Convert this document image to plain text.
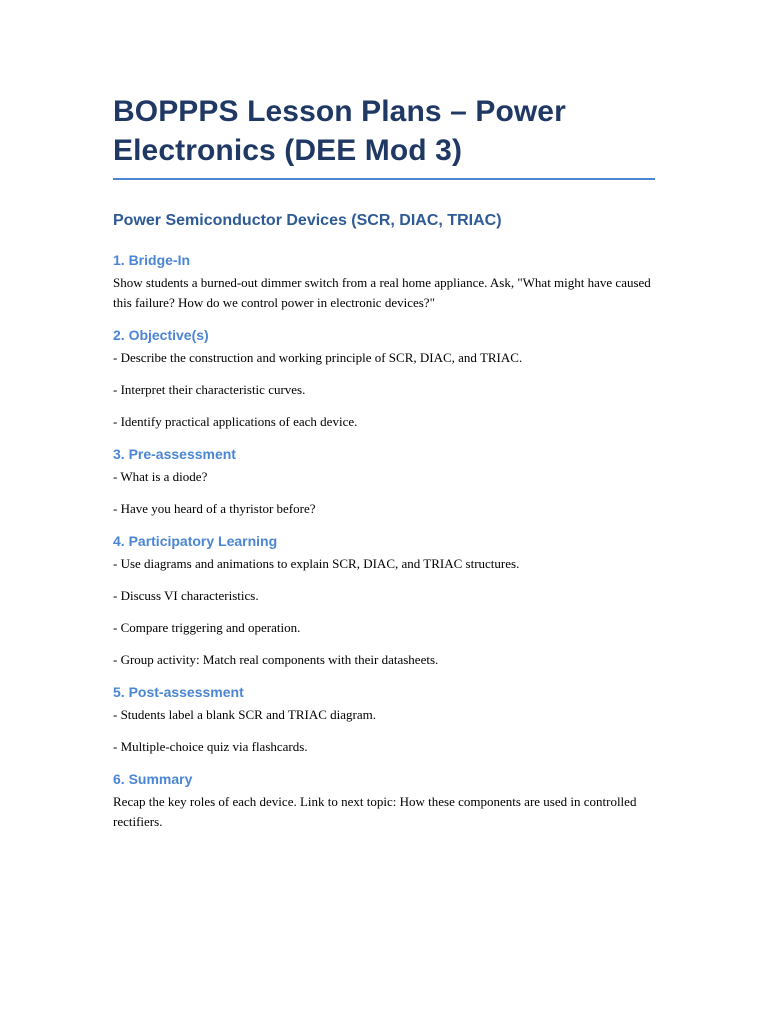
BOPPPS Lesson Plans – Power Electronics (DEE Mod 3)
Power Semiconductor Devices (SCR, DIAC, TRIAC)
1. Bridge-In

Show students a burned-out dimmer switch from a real home appliance. Ask, "What might have caused this failure? How do we control power in electronic devices?"

2. Objective(s)

- Describe the construction and working principle of SCR, DIAC, and TRIAC.

- Interpret their characteristic curves.

- Identify practical applications of each device.

3. Pre-assessment

- What is a diode?

- Have you heard of a thyristor before?

4. Participatory Learning

- Use diagrams and animations to explain SCR, DIAC, and TRIAC structures.

- Discuss VI characteristics.

- Compare triggering and operation.

- Group activity: Match real components with their datasheets.

5. Post-assessment

- Students label a blank SCR and TRIAC diagram.

- Multiple-choice quiz via flashcards.

6. Summary

Recap the key roles of each device. Link to next topic: How these components are used in controlled rectifiers.
